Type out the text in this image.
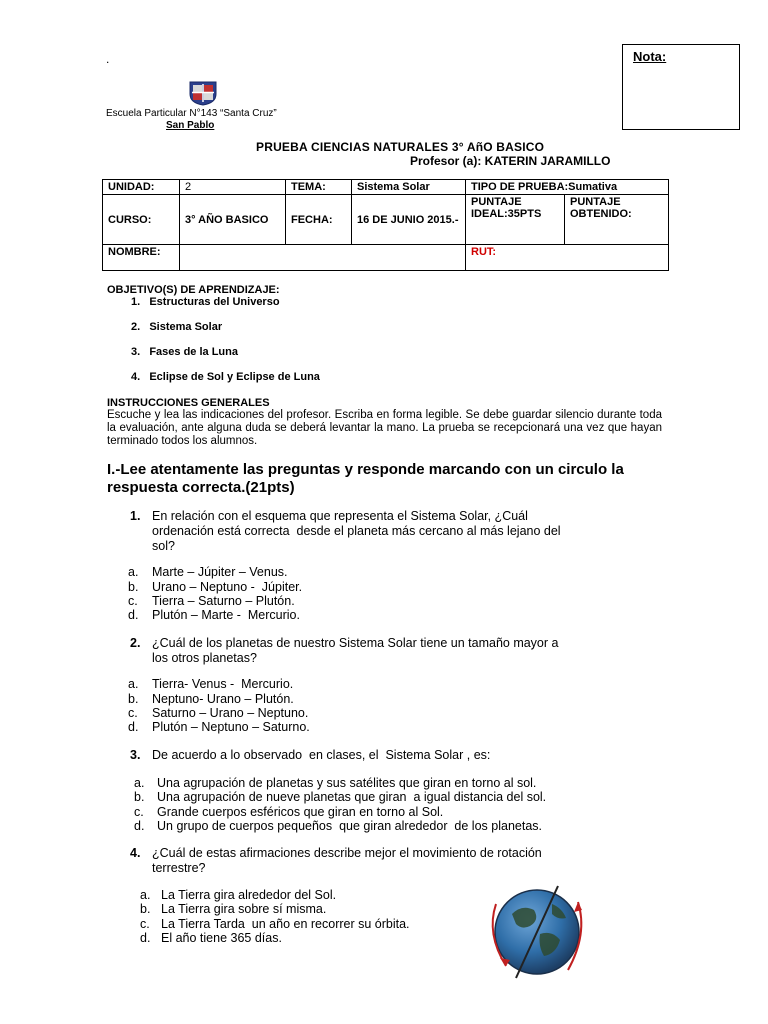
.	Nota:
Escuela Particular N°143 “Santa Cruz”
San Pablo
PRUEBA CIENCIAS NATURALES 3° AñO BASICO
Profesor (a): KATERIN JARAMILLO
UNIDAD:	2	TEMA:	Sistema Solar	TIPO DE PRUEBA:Sumativa	
CURSO:	3° AÑO BASICO	FECHA:	16 DE JUNIO 2015.-	PUNTAJE IDEAL:35PTS	PUNTAJE OBTENIDO:
NOMBRE:				RUT:	
OBJETIVO(S) DE APRENDIZAJE:
1.   Estructuras del Universo
2.   Sistema Solar
3.   Fases de la Luna
4.   Eclipse de Sol y Eclipse de Luna
INSTRUCCIONES GENERALES
Escuche y lea las indicaciones del profesor. Escriba en forma legible. Se debe guardar silencio durante toda la evaluación, ante alguna duda se deberá levantar la mano. La prueba se recepcionará una vez que hayan terminado todos los alumnos.
I.-Lee atentamente las preguntas y responde marcando con un circulo la respuesta correcta.(21pts)
1. En relación con el esquema que representa el Sistema Solar, ¿Cuál
ordenación está correcta  desde el planeta más cercano al más lejano del
sol?
a. Marte – Júpiter – Venus.
b. Urano – Neptuno -  Júpiter.
c. Tierra – Saturno – Plutón.
d. Plutón – Marte -  Mercurio.
2. ¿Cuál de los planetas de nuestro Sistema Solar tiene un tamaño mayor a
los otros planetas?
a. Tierra- Venus -  Mercurio.
b. Neptuno- Urano – Plutón.
c. Saturno – Urano – Neptuno.
d. Plutón – Neptuno – Saturno.
3. De acuerdo a lo observado  en clases, el  Sistema Solar , es:
a. Una agrupación de planetas y sus satélites que giran en torno al sol.
b. Una agrupación de nueve planetas que giran  a igual distancia del sol.
c. Grande cuerpos esféricos que giran en torno al Sol.
d. Un grupo de cuerpos pequeños  que giran alrededor  de los planetas.
4. ¿Cuál de estas afirmaciones describe mejor el movimiento de rotación
terrestre?
a. La Tierra gira alrededor del Sol.
b. La Tierra gira sobre sí misma.
c. La Tierra Tarda  un año en recorrer su órbita.
d. El año tiene 365 días.
